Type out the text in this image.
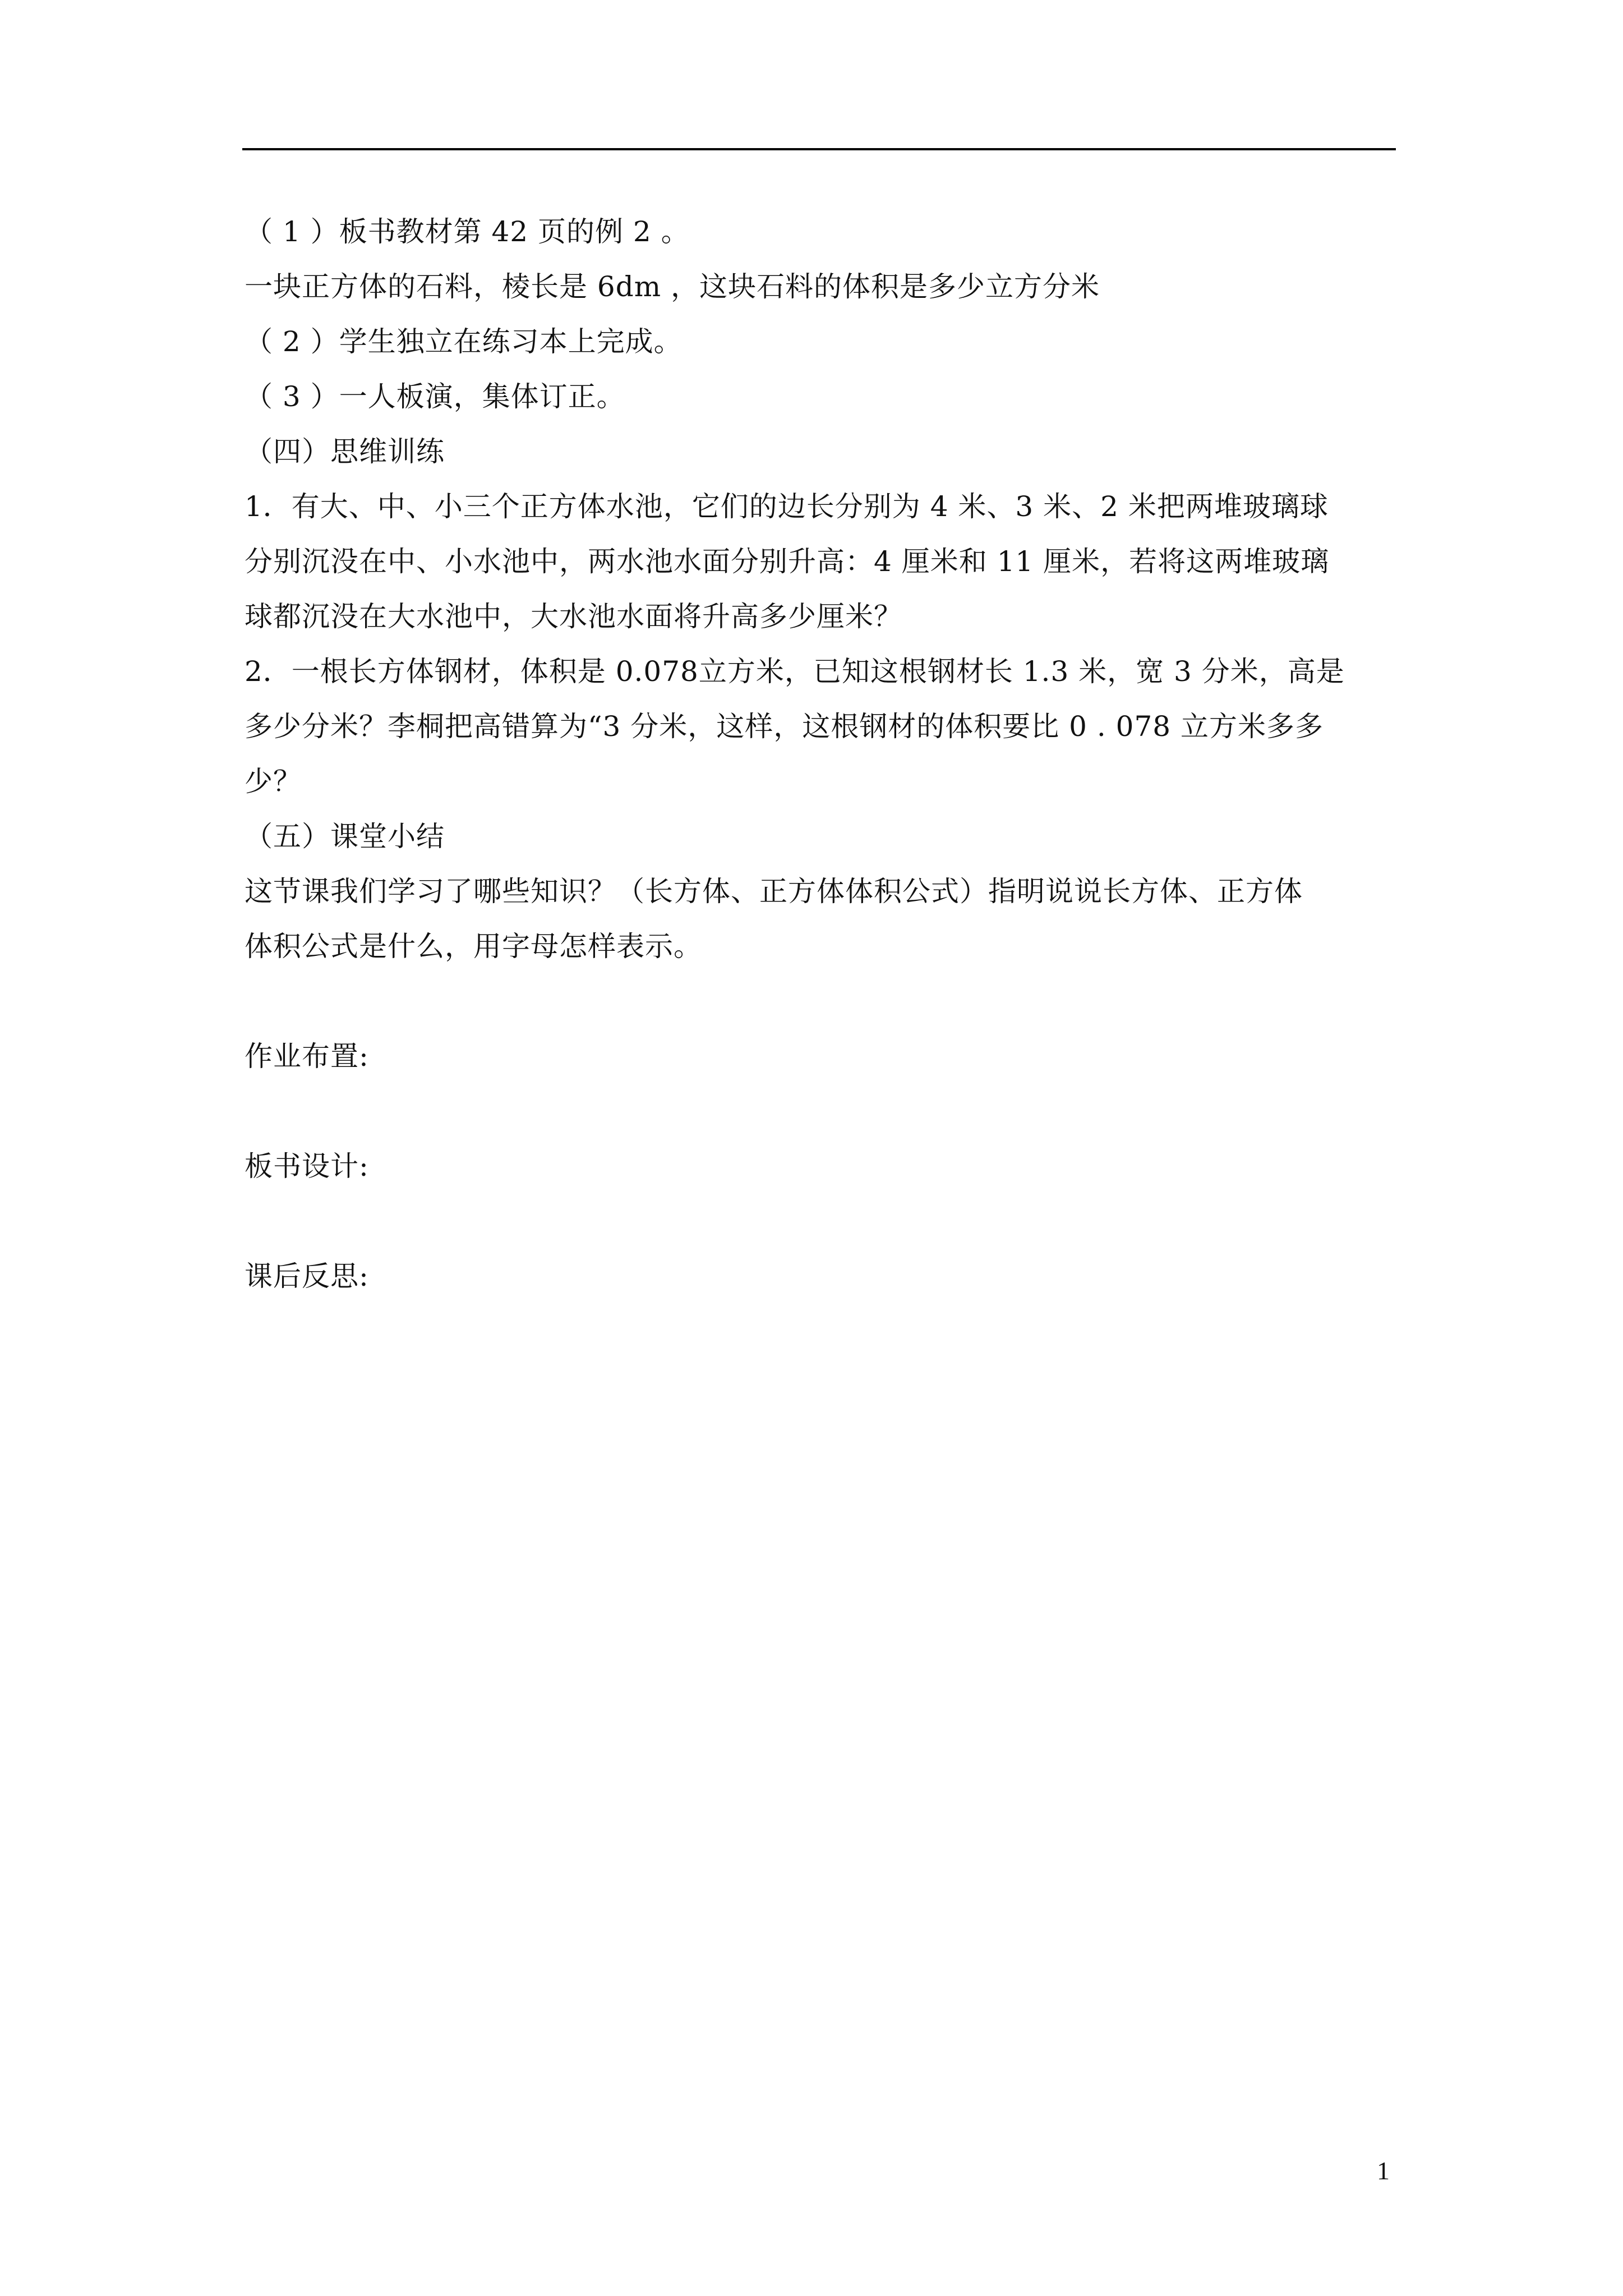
（ 1 ）板书教材第 42 页的例 2 。

一块正方体的石料，棱长是 6dm ，这块石料的体积是多少立方分米

（ 2 ）学生独立在练习本上完成。

（ 3 ）一人板演，集体订正。

（四）思维训练

1．有大、中、小三个正方体水池，它们的边长分别为 4 米、3 米、2 米把两堆玻璃球

分别沉没在中、小水池中，两水池水面分别升高：4 厘米和 11 厘米，若将这两堆玻璃

球都沉没在大水池中，大水池水面将升高多少厘米？

2．一根长方体钢材，体积是 0.078立方米，已知这根钢材长 1.3 米，宽 3 分米，高是

多少分米？李桐把高错算为“3 分米，这样，这根钢材的体积要比 0 . 078 立方米多多

少？

（五）课堂小结

这节课我们学习了哪些知识？（长方体、正方体体积公式）指明说说长方体、正方体

体积公式是什么，用字母怎样表示。

作业布置:

板书设计:

课后反思:

1
